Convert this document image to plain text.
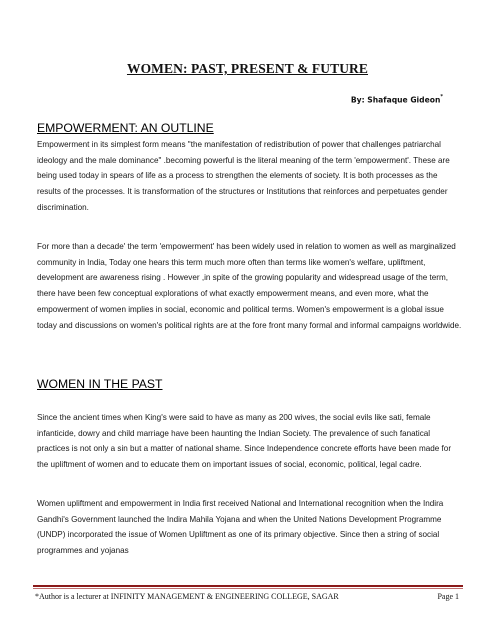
WOMEN: PAST, PRESENT & FUTURE

By: Shafaque Gideon*

EMPOWERMENT: AN OUTLINE

Empowerment in its simplest form means "the manifestation of redistribution of power that challenges patriarchal ideology and the male dominance" .becoming powerful is the literal meaning of the term 'empowerment'. These are being used today in spears of life as a process to strengthen the elements of society. It is both processes as the results of the processes. It is transformation of the structures or Institutions that reinforces and perpetuates gender discrimination.

For more than a decade' the term 'empowerment' has been widely used in relation to women as well as marginalized community in India, Today one hears this term much more often than terms like women's welfare, upliftment, development are awareness rising . However ,in spite of the growing popularity and widespread usage of the term, there have been few conceptual explorations of what exactly empowerment means, and even more, what the empowerment of women implies in social, economic and political terms. Women's empowerment is a global issue today and discussions on women's political rights are at the fore front many formal and informal campaigns worldwide.

WOMEN IN THE PAST

Since the ancient times when King's were said to have as many as 200 wives, the social evils like sati, female infanticide, dowry and child marriage have been haunting the Indian Society. The prevalence of such fanatical practices is not only a sin but a matter of national shame. Since Independence concrete efforts have been made for the upliftment of women and to educate them on important issues of social, economic, political, legal cadre.

Women upliftment and empowerment in India first received National and International recognition when the Indira Gandhi's Government launched the Indira Mahila Yojana and when the United Nations Development Programme (UNDP) incorporated the issue of Women Upliftment as one of its primary objective. Since then a string of social programmes and yojanas

*Author is a lecturer at INFINITY MANAGEMENT & ENGINEERING COLLEGE, SAGAR	Page 1
